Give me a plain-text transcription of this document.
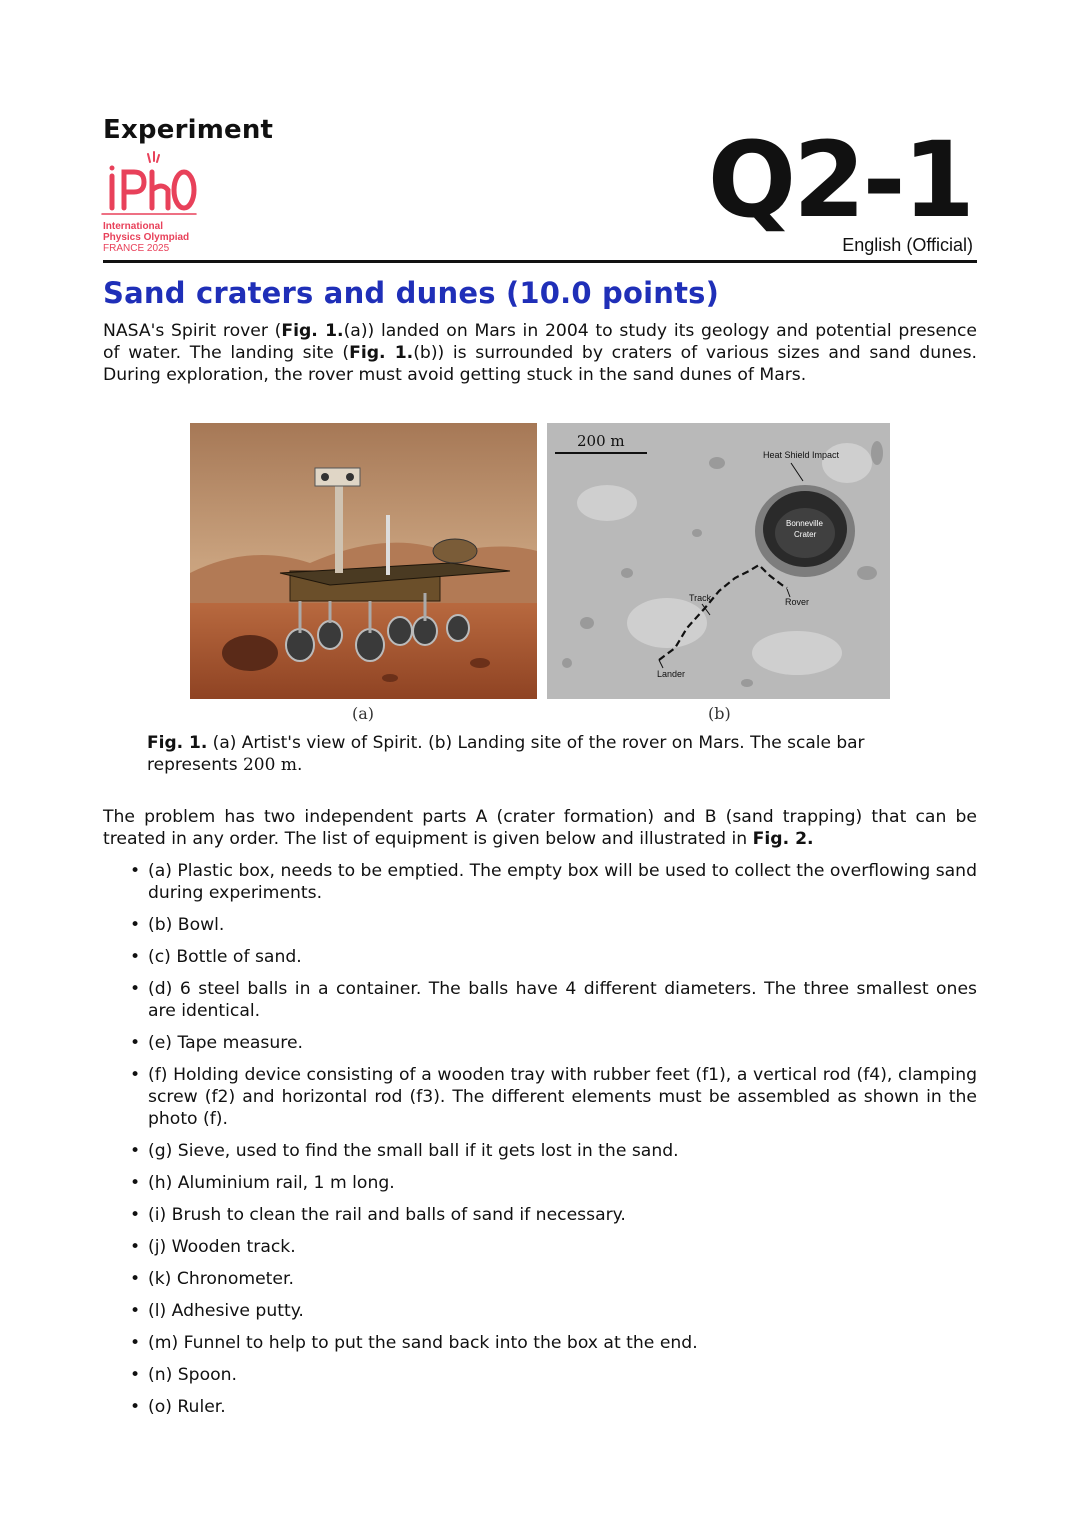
Experiment
International
Physics Olympiad
FRANCE 2025
Q2-1
English (Official)
Sand craters and dunes (10.0 points)
NASA's Spirit rover (Fig. 1.(a)) landed on Mars in 2004 to study its geology and potential presence of water. The landing site (Fig. 1.(b)) is surrounded by craters of various sizes and sand dunes. During exploration, the rover must avoid getting stuck in the sand dunes of Mars.
200 m
Heat Shield Impact
Bonneville
Crater
Track	Rover
Lander
(a)	(b)
Fig. 1. (a) Artist's view of Spirit. (b) Landing site of the rover on Mars. The scale bar represents 200 m.
The problem has two independent parts A (crater formation) and B (sand trapping) that can be treated in any order. The list of equipment is given below and illustrated in Fig. 2.
• (a) Plastic box, needs to be emptied. The empty box will be used to collect the overflowing sand during experiments.
• (b) Bowl.
• (c) Bottle of sand.
• (d) 6 steel balls in a container. The balls have 4 different diameters. The three smallest ones are identical.
• (e) Tape measure.
• (f) Holding device consisting of a wooden tray with rubber feet (f1), a vertical rod (f4), clamping screw (f2) and horizontal rod (f3). The different elements must be assembled as shown in the photo (f).
• (g) Sieve, used to find the small ball if it gets lost in the sand.
• (h) Aluminium rail, 1 m long.
• (i) Brush to clean the rail and balls of sand if necessary.
• (j) Wooden track.
• (k) Chronometer.
• (l) Adhesive putty.
• (m) Funnel to help to put the sand back into the box at the end.
• (n) Spoon.
• (o) Ruler.
